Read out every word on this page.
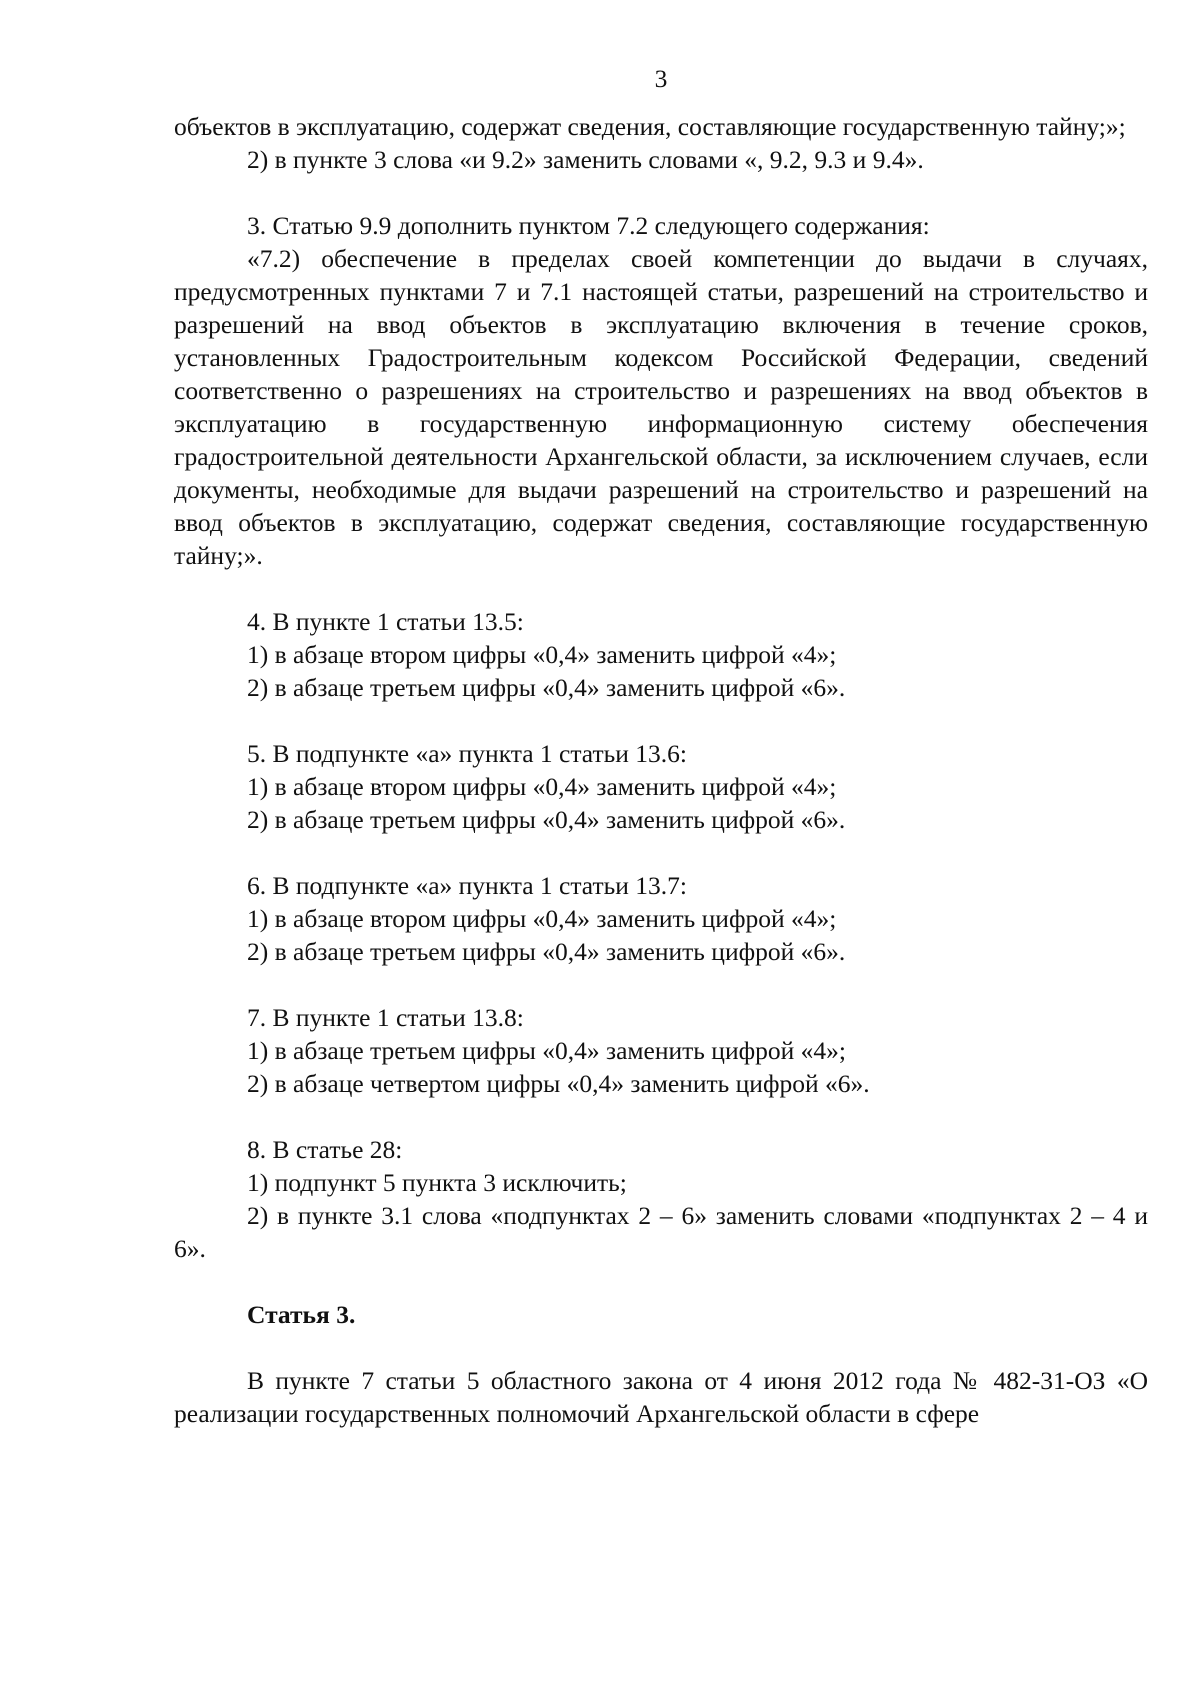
3

объектов в эксплуатацию, содержат сведения, составляющие государственную тайну;»;

2) в пункте 3 слова «и 9.2» заменить словами «, 9.2, 9.3 и 9.4».

3. Статью 9.9 дополнить пунктом 7.2 следующего содержания:

«7.2) обеспечение в пределах своей компетенции до выдачи в случаях, предусмотренных пунктами 7 и 7.1 настоящей статьи, разрешений на строительство и разрешений на ввод объектов в эксплуатацию включения в течение сроков, установленных Градостроительным кодексом Российской Федерации, сведений соответственно о разрешениях на строительство и разрешениях на ввод объектов в эксплуатацию в государственную информационную систему обеспечения градостроительной деятельности Архангельской области, за исключением случаев, если документы, необходимые для выдачи разрешений на строительство и разрешений на ввод объектов в эксплуатацию, содержат сведения, составляющие государственную тайну;».

4. В пункте 1 статьи 13.5:

1) в абзаце втором цифры «0,4» заменить цифрой «4»;

2) в абзаце третьем цифры «0,4» заменить цифрой «6».

5. В подпункте «а» пункта 1 статьи 13.6:

1) в абзаце втором цифры «0,4» заменить цифрой «4»;

2) в абзаце третьем цифры «0,4» заменить цифрой «6».

6. В подпункте «а» пункта 1 статьи 13.7:

1) в абзаце втором цифры «0,4» заменить цифрой «4»;

2) в абзаце третьем цифры «0,4» заменить цифрой «6».

7. В пункте 1 статьи 13.8:

1) в абзаце третьем цифры «0,4» заменить цифрой «4»;

2) в абзаце четвертом цифры «0,4» заменить цифрой «6».

8. В статье 28:

1) подпункт 5 пункта 3 исключить;

2) в пункте 3.1 слова «подпунктах 2 – 6» заменить словами «подпунктах 2 – 4 и 6».

Статья 3.

В пункте 7 статьи 5 областного закона от 4 июня 2012 года № 482-31-ОЗ «О реализации государственных полномочий Архангельской области в сфере
